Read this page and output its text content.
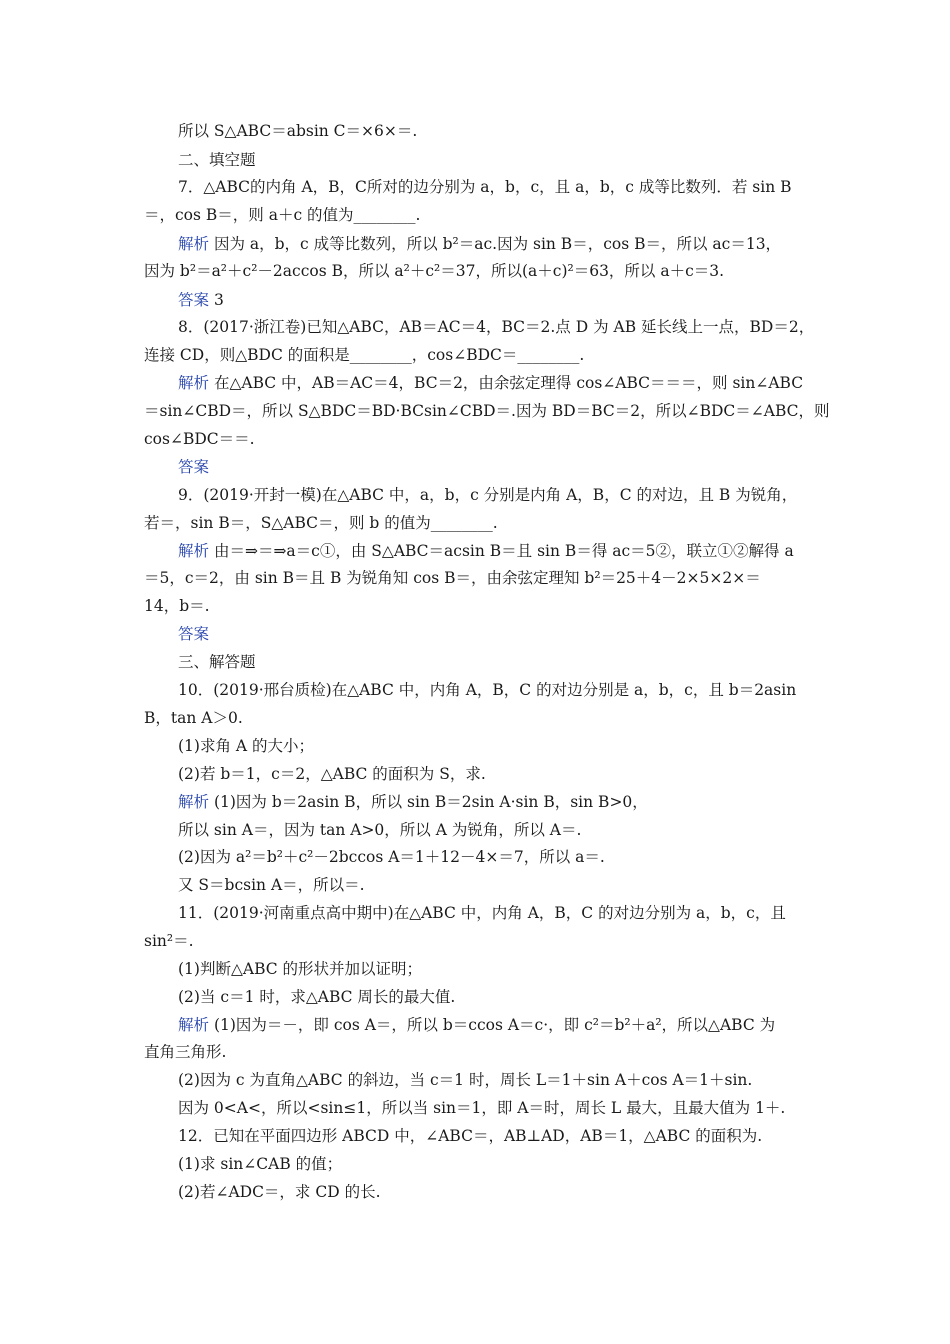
所以 S△ABC＝absin C＝×6×＝.
二、填空题
7．△ABC的内角 A，B，C所对的边分别为 a，b，c，且 a，b，c 成等比数列．若 sin B
＝，cos B＝，则 a＋c 的值为________.
解析 因为 a，b，c 成等比数列，所以 b²＝ac.因为 sin B＝，cos B＝，所以 ac＝13，
因为 b²＝a²＋c²－2accos B，所以 a²＋c²＝37，所以(a＋c)²＝63，所以 a＋c＝3.
答案 3
8．(2017·浙江卷)已知△ABC，AB＝AC＝4，BC＝2.点 D 为 AB 延长线上一点，BD＝2，
连接 CD，则△BDC 的面积是________，cos∠BDC＝________.
解析 在△ABC 中，AB＝AC＝4，BC＝2，由余弦定理得 cos∠ABC＝＝＝，则 sin∠ABC
＝sin∠CBD＝，所以 S△BDC＝BD·BCsin∠CBD＝.因为 BD＝BC＝2，所以∠BDC＝∠ABC，则
cos∠BDC＝＝.
答案
9．(2019·开封一模)在△ABC 中，a，b，c 分别是内角 A，B，C 的对边，且 B 为锐角，
若＝，sin B＝，S△ABC＝，则 b 的值为________.
解析 由＝⇒＝⇒a＝c①，由 S△ABC＝acsin B＝且 sin B＝得 ac＝5②，联立①②解得 a
＝5，c＝2，由 sin B＝且 B 为锐角知 cos B＝，由余弦定理知 b²＝25＋4－2×5×2×＝
14，b＝.
答案
三、解答题
10．(2019·邢台质检)在△ABC 中，内角 A，B，C 的对边分别是 a，b，c，且 b＝2asin
B，tan A＞0.
(1)求角 A 的大小；
(2)若 b＝1，c＝2，△ABC 的面积为 S，求.
解析 (1)因为 b＝2asin B，所以 sin B＝2sin A·sin B，sin B>0，
所以 sin A＝，因为 tan A>0，所以 A 为锐角，所以 A＝.
(2)因为 a²＝b²＋c²－2bccos A＝1＋12－4×＝7，所以 a＝.
又 S＝bcsin A＝，所以＝.
11．(2019·河南重点高中期中)在△ABC 中，内角 A，B，C 的对边分别为 a，b，c，且
sin²＝.
(1)判断△ABC 的形状并加以证明；
(2)当 c＝1 时，求△ABC 周长的最大值.
解析 (1)因为＝－，即 cos A＝，所以 b＝ccos A＝c·，即 c²＝b²＋a²，所以△ABC 为
直角三角形.
(2)因为 c 为直角△ABC 的斜边，当 c＝1 时，周长 L＝1＋sin A＋cos A＝1＋sin.
因为 0<A<，所以<sin≤1，所以当 sin＝1，即 A＝时，周长 L 最大，且最大值为 1＋.
12．已知在平面四边形 ABCD 中，∠ABC＝，AB⊥AD，AB＝1，△ABC 的面积为.
(1)求 sin∠CAB 的值；
(2)若∠ADC＝，求 CD 的长.
